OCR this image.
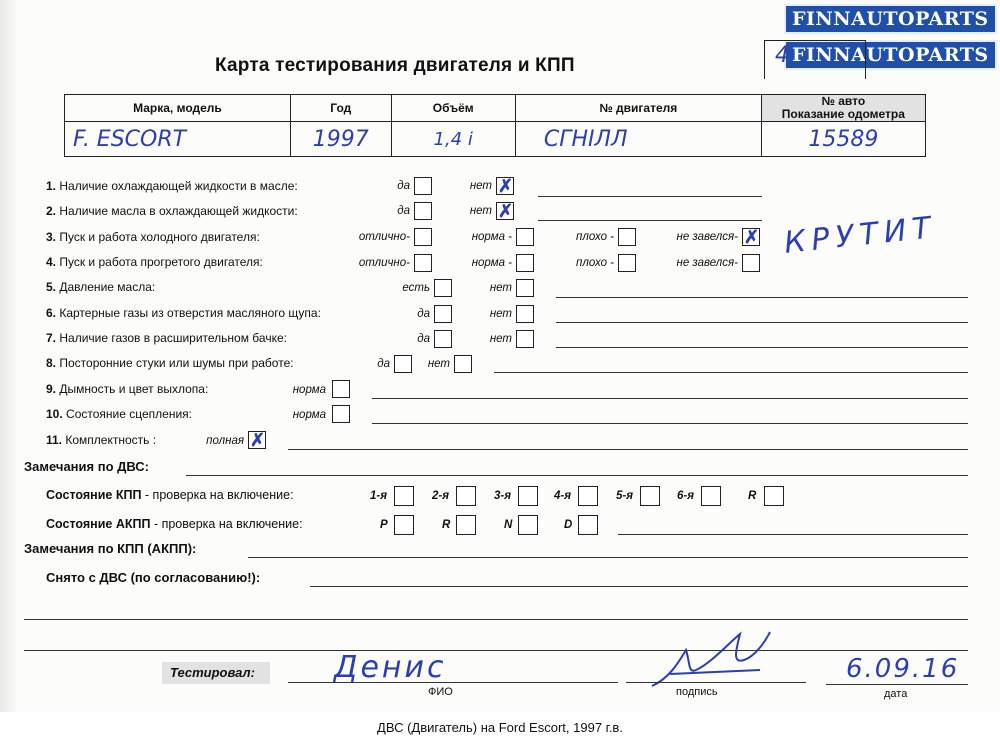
FINNAUTOPARTS
FINNAUTOPARTS
Карта тестирования двигателя и КПП	4
Марка, модель	Год	Объём	№ двигателя	№ авто
Показание одометра

F. ESCORT	1997	1,4 i	СГНІЛЛ	15589
1. Наличие охлаждающей жидкости в масле:	да	нет ✗
2. Наличие масла в охлаждающей жидкости:	да	нет ✗
3. Пуск и работа холодного двигателя:	отлично-	норма -	плохо -	не завелся- ✗ КРУТИТ
4. Пуск и работа прогретого двигателя:	отлично-	норма -	плохо -	не завелся-
5. Давление масла:	есть	нет
6. Картерные газы из отверстия масляного щупа:	да	нет
7. Наличие газов в расширительном бачке:	да	нет
8. Посторонние стуки или шумы при работе:	да	нет
9. Дымность и цвет выхлопа:	норма
10. Состояние сцепления:	норма
11. Комплектность :	полная ✗
Замечания по ДВС:
Состояние КПП - проверка на включение:	1-я	2-я	3-я	4-я	5-я	6-я	R
Состояние АКПП - проверка на включение:	P	R	N	D
Замечания по КПП (АКПП):
Снято с ДВС (по согласованию!):
Тестировал:	Денис
ФИО	подпись
6.09.16
дата
ДВС (Двигатель) на Ford Escort, 1997 г.в.
